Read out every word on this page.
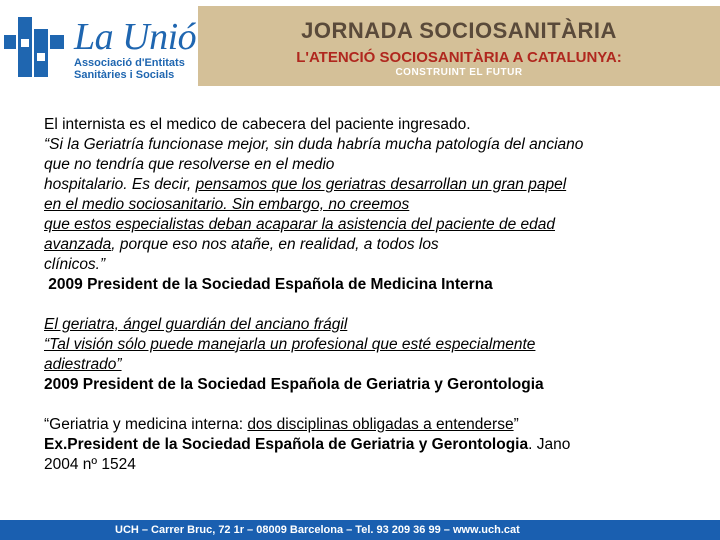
La Unió
Associació d'Entitats
Sanitàries i Socials
JORNADA SOCIOSANITÀRIA
L'ATENCIÓ SOCIOSANITÀRIA A CATALUNYA:
CONSTRUINT EL FUTUR

El internista es el medico de cabecera del paciente ingresado.

“Si la Geriatría funcionase mejor, sin duda habría mucha patología del anciano

que no tendría que resolverse en el medio

hospitalario. Es decir, pensamos que los geriatras desarrollan un gran papel

en el medio sociosanitario. Sin embargo, no creemos

que estos especialistas deban acaparar la asistencia del paciente de edad

avanzada, porque eso nos atañe, en realidad, a todos los

clínicos.”

2009 President de la Sociedad Española de Medicina Interna

El geriatra, ángel guardián del anciano frágil

“Tal visión sólo puede manejarla un profesional que esté especialmente

adiestrado”

2009 President de la Sociedad Española de Geriatria y Gerontologia

“Geriatria y medicina interna: dos disciplinas obligadas a entenderse”

Ex.President de la Sociedad Española de Geriatria y Gerontologia. Jano

2004 nº 1524

UCH – Carrer Bruc, 72 1r – 08009 Barcelona – Tel. 93 209 36 99 – www.uch.cat
